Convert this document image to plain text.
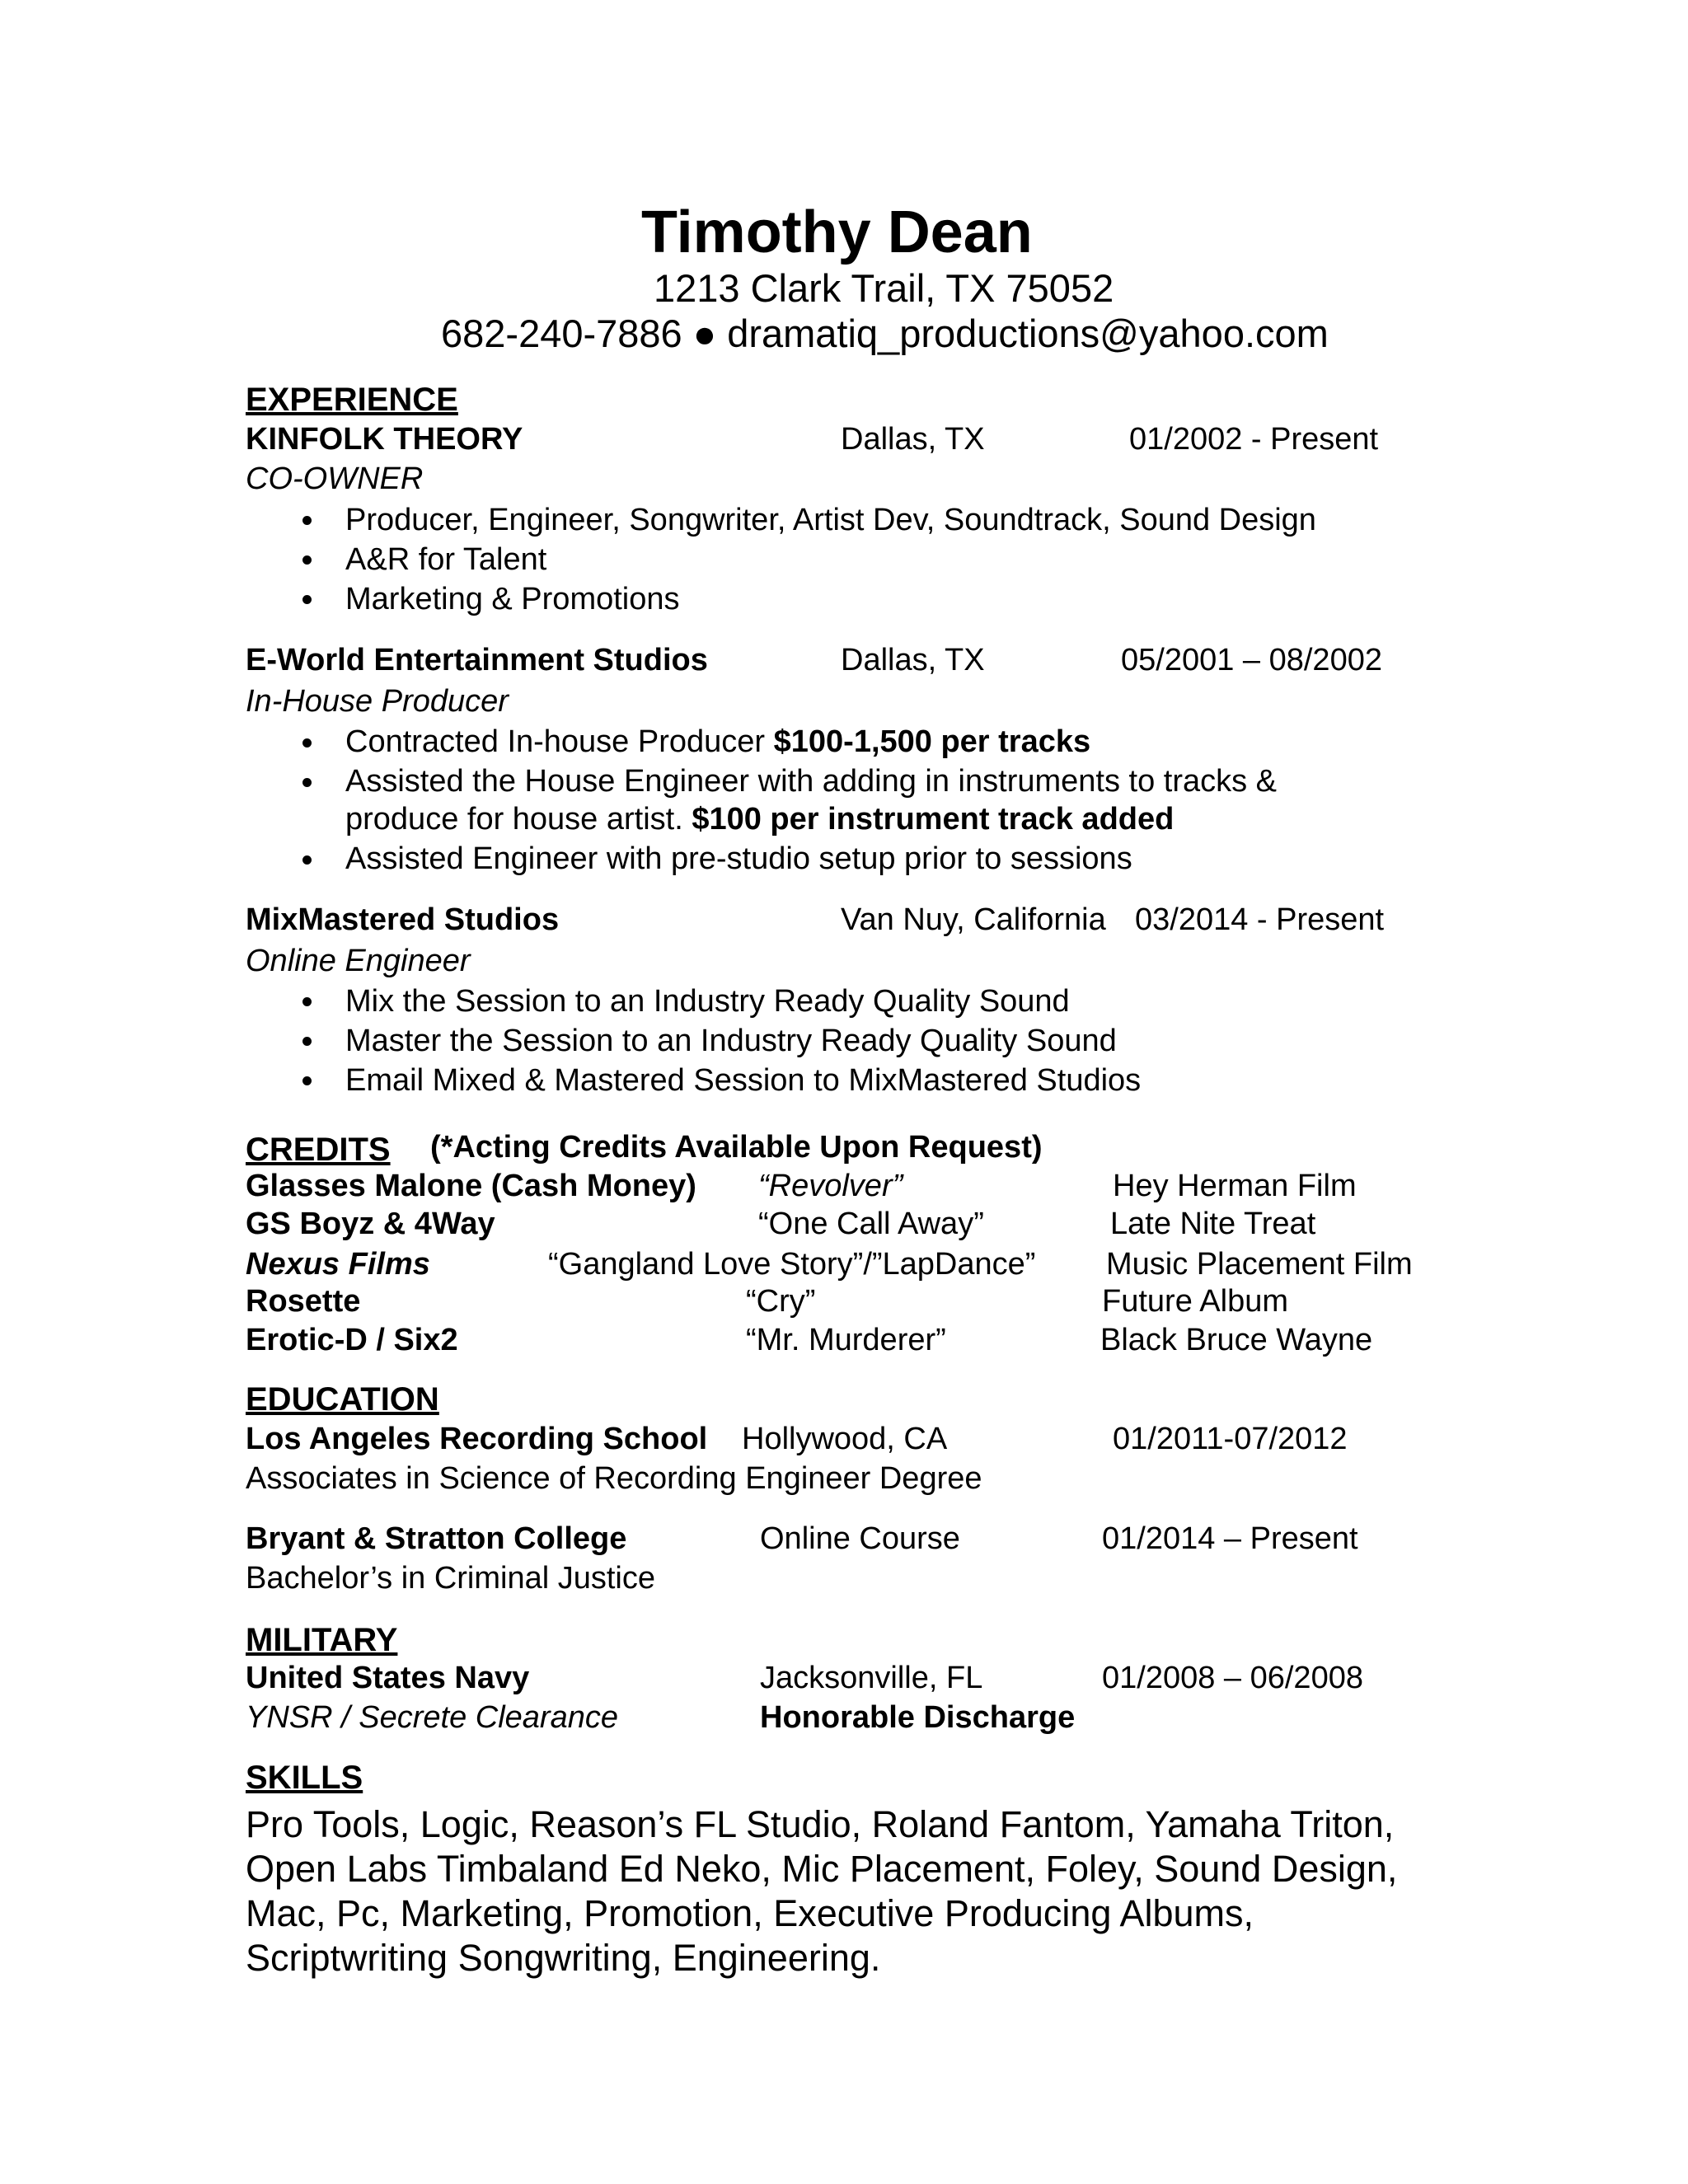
Timothy Dean
1213 Clark Trail, TX 75052
682-240-7886 ● dramatiq_productions@yahoo.com
EXPERIENCE
KINFOLK THEORY	Dallas, TX	01/2002 - Present
CO-OWNER
Producer, Engineer, Songwriter, Artist Dev, Soundtrack, Sound Design
A&R for Talent
Marketing & Promotions
E-World Entertainment Studios	Dallas, TX	05/2001 – 08/2002
In-House Producer
Contracted In-house Producer $100-1,500 per tracks
Assisted the House Engineer with adding in instruments to tracks &
produce for house artist. $100 per instrument track added
Assisted Engineer with pre-studio setup prior to sessions
MixMastered Studios	Van Nuy, California 03/2014 - Present
Online Engineer
Mix the Session to an Industry Ready Quality Sound
Master the Session to an Industry Ready Quality Sound
Email Mixed & Mastered Session to MixMastered Studios
CREDITS (*Acting Credits Available Upon Request)
Glasses Malone (Cash Money) “Revolver”	Hey Herman Film
GS Boyz & 4Way	“One Call Away”	Late Nite Treat
Nexus Films	“Gangland Love Story”/”LapDance” Music Placement Film
Rosette	“Cry”	Future Album
Erotic-D / Six2	“Mr. Murderer”	Black Bruce Wayne
EDUCATION
Los Angeles Recording School Hollywood, CA	01/2011-07/2012
Associates in Science of Recording Engineer Degree
Bryant & Stratton College	Online Course	01/2014 – Present
Bachelor’s in Criminal Justice
MILITARY
United States Navy	Jacksonville, FL	01/2008 – 06/2008
YNSR / Secrete Clearance	Honorable Discharge
SKILLS
Pro Tools, Logic, Reason’s FL Studio, Roland Fantom, Yamaha Triton, Open Labs Timbaland Ed Neko, Mic Placement, Foley, Sound Design, Mac, Pc, Marketing, Promotion, Executive Producing Albums, Scriptwriting Songwriting, Engineering.
